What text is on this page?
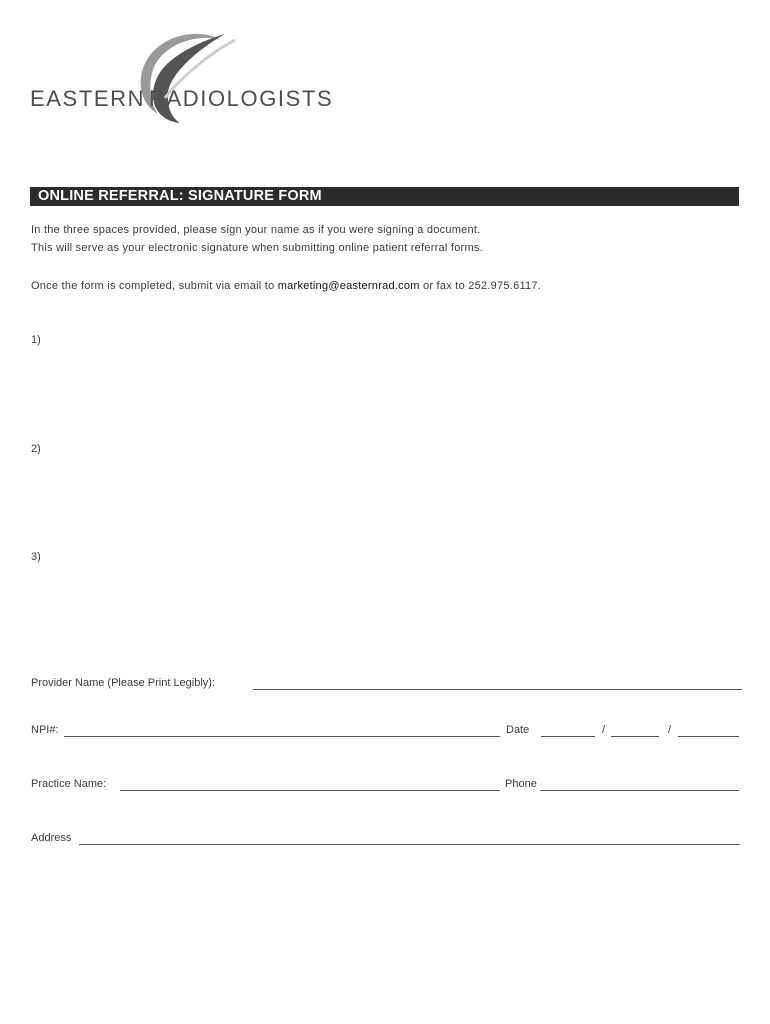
EASTERN RADIOLOGISTS
ONLINE REFERRAL: SIGNATURE FORM
In the three spaces provided, please sign your name as if you were signing a document.
This will serve as your electronic signature when submitting online patient referral forms.
Once the form is completed, submit via email to marketing@easternrad.com or fax to 252.975.6117.
1)
2)
3)
Provider Name (Please Print Legibly):
NPI#:	Date	/	/
Practice Name:	Phone
Address
